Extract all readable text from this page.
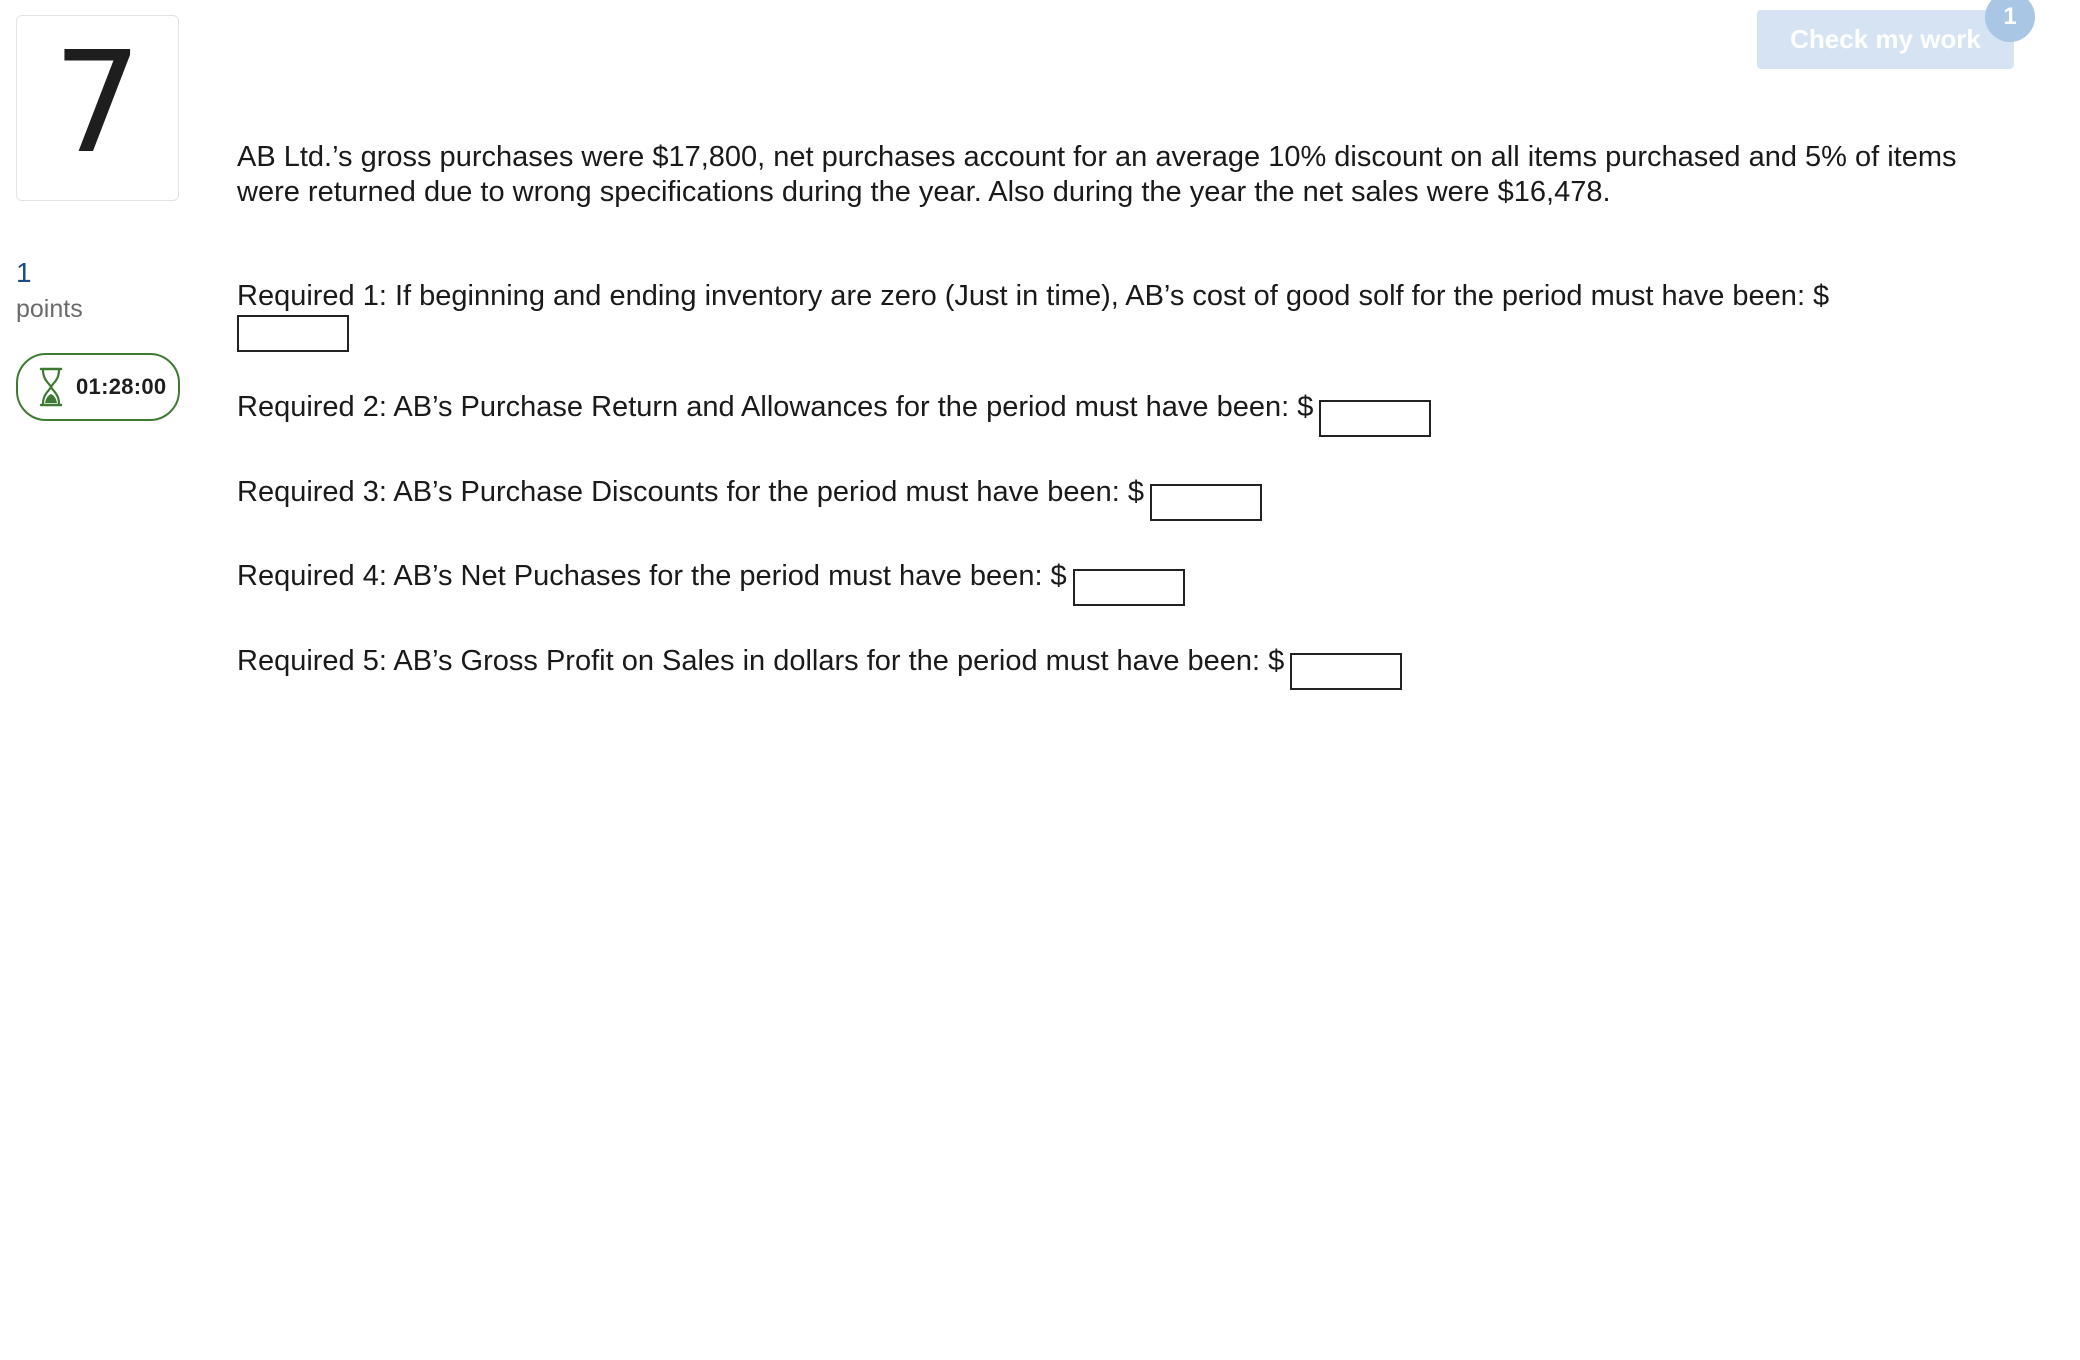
7
1
points
01:28:00
Check my work
1

AB Ltd.’s gross purchases were $17,800, net purchases account for an average 10% discount on all items purchased and 5% of items were returned due to wrong specifications during the year. Also during the year the net sales were $16,478.

Required 1: If beginning and ending inventory are zero (Just in time), AB’s cost of good solf for the period must have been: $

Required 2: AB’s Purchase Return and Allowances for the period must have been: $

Required 3: AB’s Purchase Discounts for the period must have been: $

Required 4: AB’s Net Puchases for the period must have been: $

Required 5: AB’s Gross Profit on Sales in dollars for the period must have been: $
